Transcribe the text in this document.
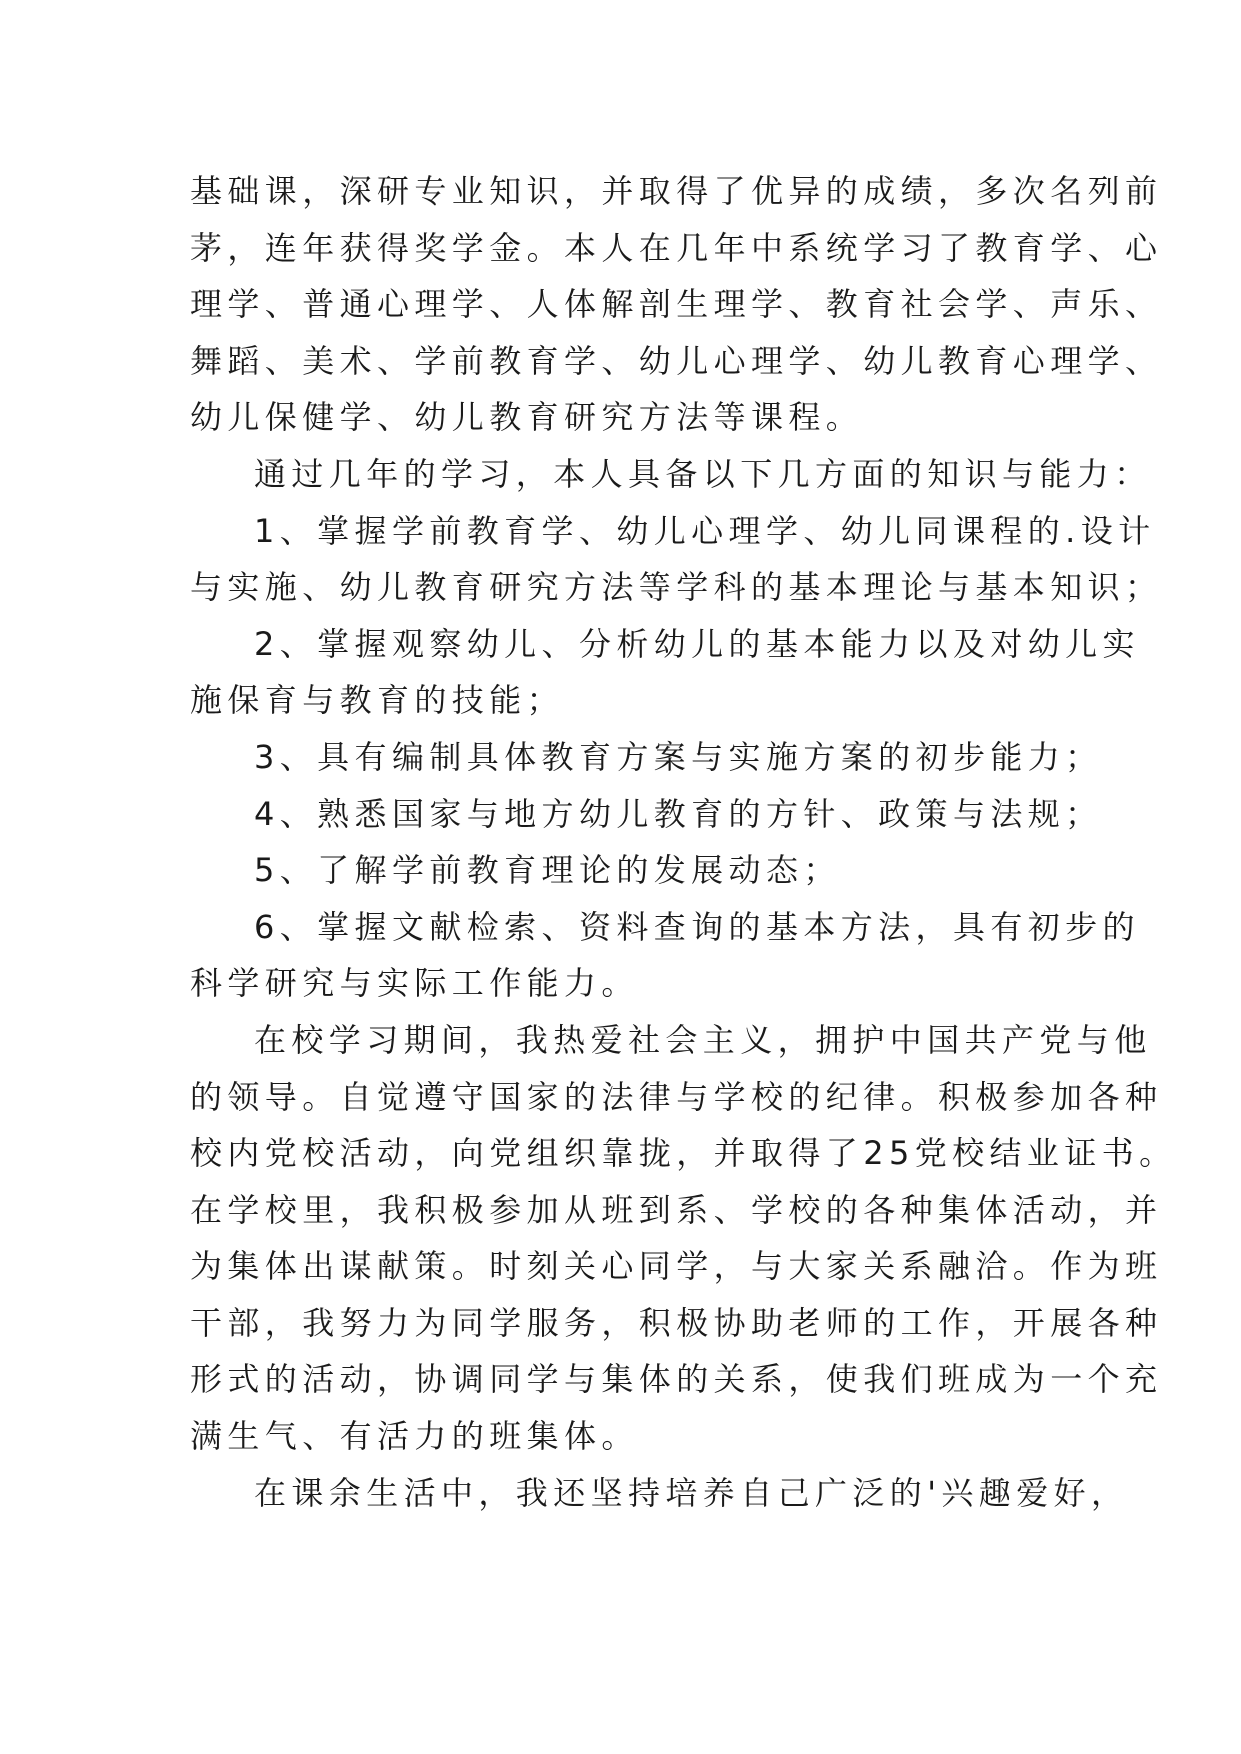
基础课，深研专业知识，并取得了优异的成绩，多次名列前
茅，连年获得奖学金。本人在几年中系统学习了教育学、心
理学、普通心理学、人体解剖生理学、教育社会学、声乐、
舞蹈、美术、学前教育学、幼儿心理学、幼儿教育心理学、
幼儿保健学、幼儿教育研究方法等课程。
通过几年的学习，本人具备以下几方面的知识与能力：
1、掌握学前教育学、幼儿心理学、幼儿同课程的.设计
与实施、幼儿教育研究方法等学科的基本理论与基本知识；
2、掌握观察幼儿、分析幼儿的基本能力以及对幼儿实
施保育与教育的技能；
3、具有编制具体教育方案与实施方案的初步能力；
4、熟悉国家与地方幼儿教育的方针、政策与法规；
5、了解学前教育理论的发展动态；
6、掌握文献检索、资料查询的基本方法，具有初步的
科学研究与实际工作能力。
在校学习期间，我热爱社会主义，拥护中国共产党与他
的领导。自觉遵守国家的法律与学校的纪律。积极参加各种
校内党校活动，向党组织靠拢，并取得了25党校结业证书。
在学校里，我积极参加从班到系、学校的各种集体活动，并
为集体出谋献策。时刻关心同学，与大家关系融洽。作为班
干部，我努力为同学服务，积极协助老师的工作，开展各种
形式的活动，协调同学与集体的关系，使我们班成为一个充
满生气、有活力的班集体。
在课余生活中，我还坚持培养自己广泛的'兴趣爱好，
